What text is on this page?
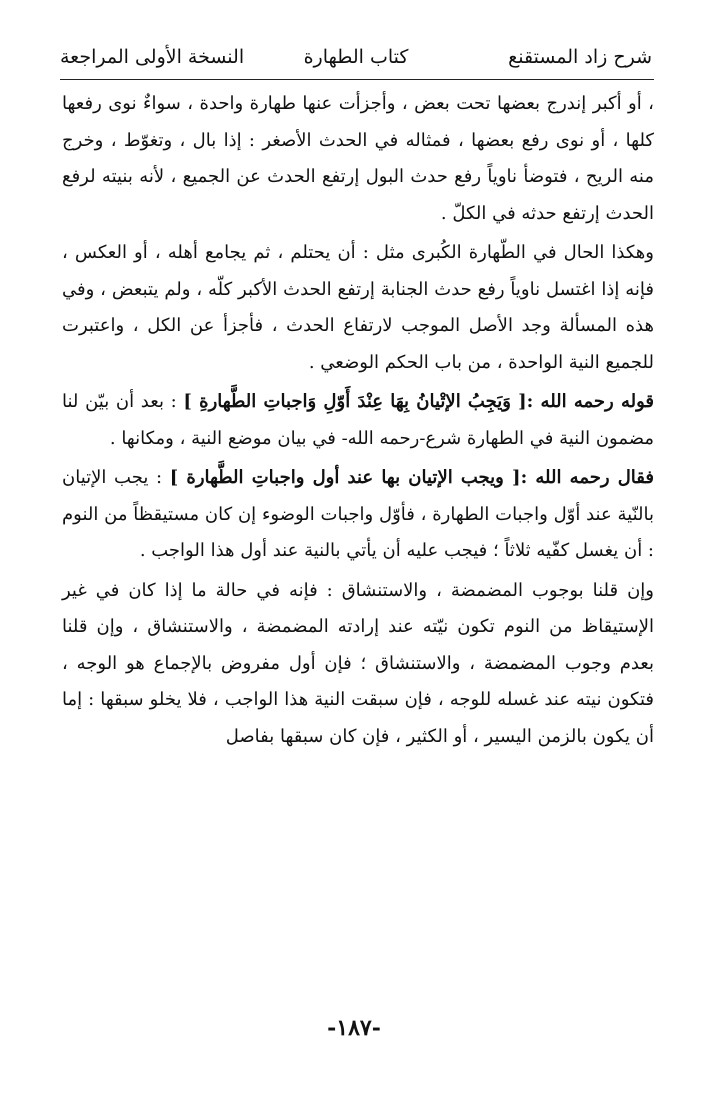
شرح زاد المستقنع
كتاب الطهارة
النسخة الأولى المراجعة

، أو أكبر إندرج بعضها تحت بعض ، وأجزأت عنها طهارة واحدة ، سواءٌ نوى رفعها كلها ، أو نوى رفع بعضها ، فمثاله في الحدث الأصغر : إذا بال ، وتغوّط ، وخرج منه الريح ، فتوضأ ناوياً رفع حدث البول إرتفع الحدث عن الجميع ، لأنه بنيته لرفع الحدث إرتفع حدثه في الكلّ .

وهكذا الحال في الطّهارة الكُبرى مثل : أن يحتلم ، ثم يجامع أهله ، أو العكس ، فإنه إذا اغتسل ناوياً رفع حدث الجنابة إرتفع الحدث الأكبر كلّه ، ولم يتبعض ، وفي هذه المسألة وجد الأصل الموجب لارتفاع الحدث ، فأجزأ عن الكل ، واعتبرت للجميع النية الواحدة ، من باب الحكم الوضعي .

قوله رحمه الله :[ وَيَجِبُ الإتْيانُ بِهَا عِنْدَ أَوّلِ وَاجباتِ الطَّهارةِ ] : بعد أن بيّن لنا مضمون النية في الطهارة شرع-رحمه الله- في بيان موضع النية ، ومكانها .

فقال رحمه الله :[ ويجب الإتيان بها عند أول واجباتِ الطَّهارة ] : يجب الإتيان بالنّية عند أوّل واجبات الطهارة ، فأوّل واجبات الوضوء إن كان مستيقظاً من النوم : أن يغسل كفّيه ثلاثاً ؛ فيجب عليه أن يأتي بالنية عند أول هذا الواجب .

وإن قلنا بوجوب المضمضة ، والاستنشاق : فإنه في حالة ما إذا كان في غير الإستيقاظ من النوم تكون نيّته عند إرادته المضمضة ، والاستنشاق ، وإن قلنا بعدم وجوب المضمضة ، والاستنشاق ؛ فإن أول مفروض بالإجماع هو الوجه ، فتكون نيته عند غسله للوجه ، فإن سبقت النية هذا الواجب ، فلا يخلو سبقها : إما أن يكون بالزمن اليسير ، أو الكثير ، فإن كان سبقها بفاصل

-١٨٧-
